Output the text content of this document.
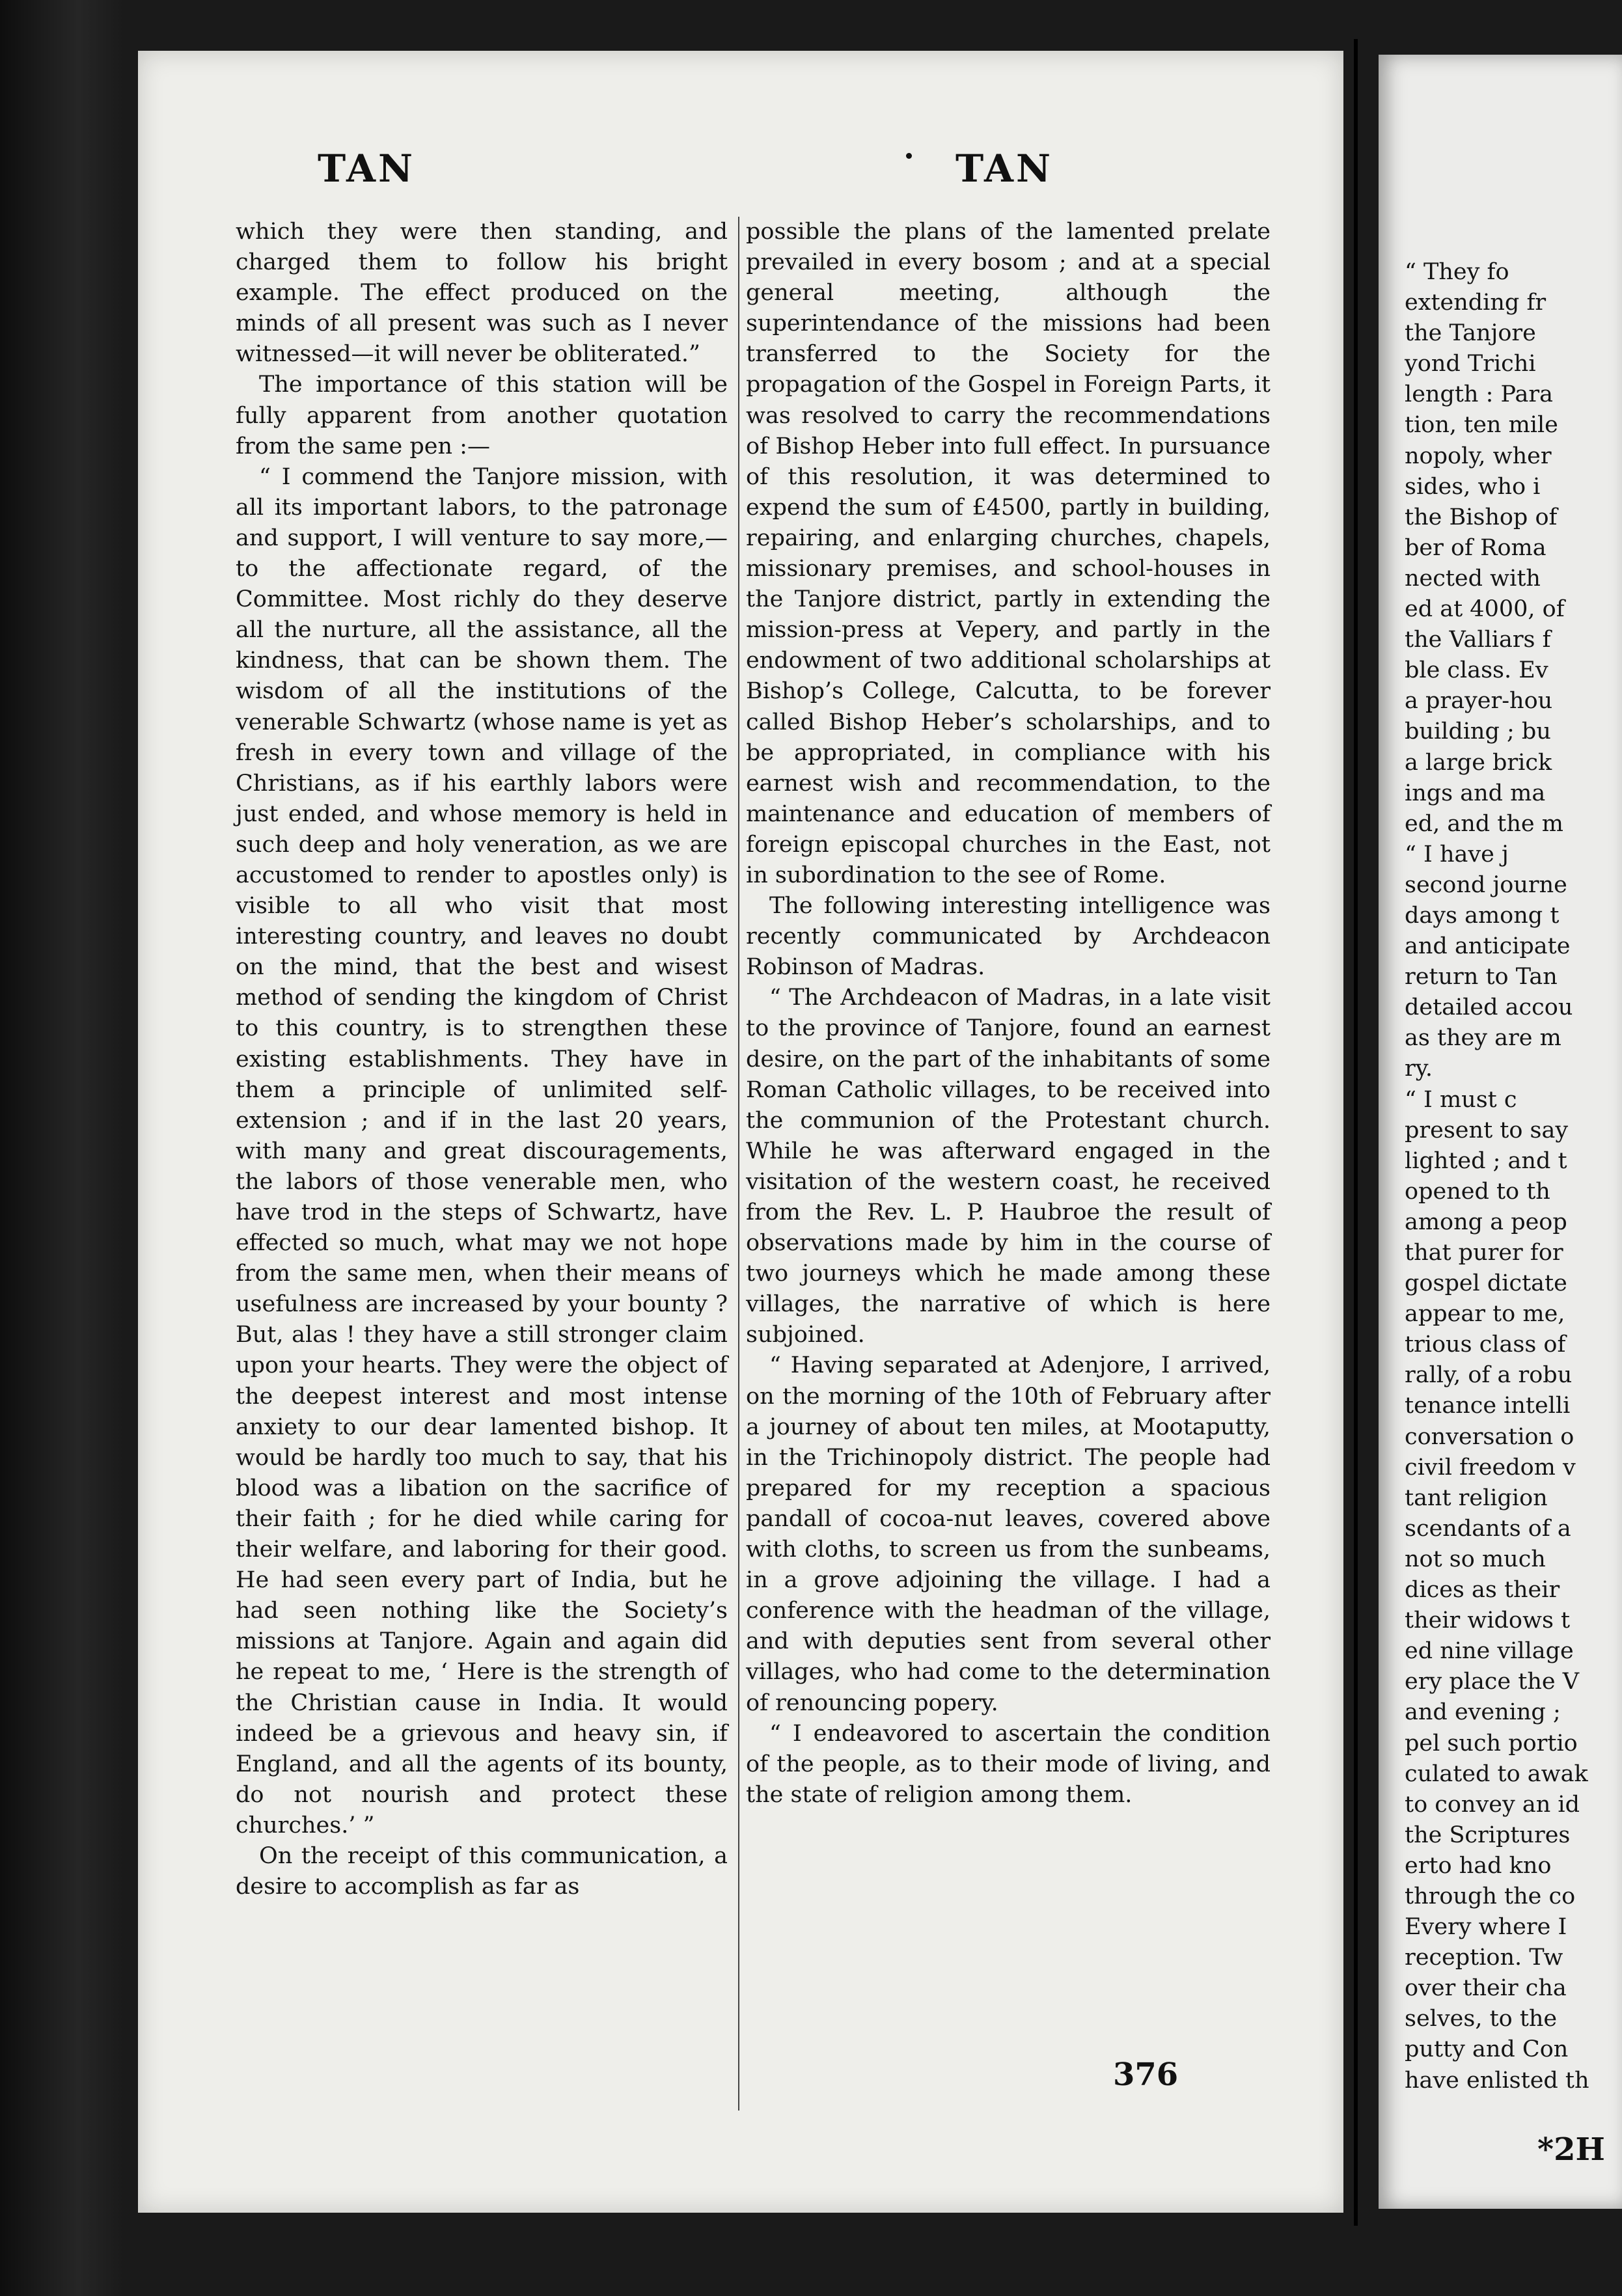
TAN	TAN

which they were then standing, and charged them to follow his bright example. The effect produced on the minds of all present was such as I never witnessed—it will never be obliterated.”

The importance of this station will be fully apparent from another quotation from the same pen :—

“ I commend the Tanjore mission, with all its important labors, to the patronage and support, I will venture to say more,—to the affectionate regard, of the Committee. Most richly do they deserve all the nurture, all the assistance, all the kindness, that can be shown them. The wisdom of all the institutions of the venerable Schwartz (whose name is yet as fresh in every town and village of the Christians, as if his earthly labors were just ended, and whose memory is held in such deep and holy veneration, as we are accustomed to render to apostles only) is visible to all who visit that most interesting country, and leaves no doubt on the mind, that the best and wisest method of sending the kingdom of Christ to this country, is to strengthen these existing establishments. They have in them a principle of unlimited self-extension ; and if in the last 20 years, with many and great discouragements, the labors of those venerable men, who have trod in the steps of Schwartz, have effected so much, what may we not hope from the same men, when their means of usefulness are increased by your bounty ? But, alas ! they have a still stronger claim upon your hearts. They were the object of the deepest interest and most intense anxiety to our dear lamented bishop. It would be hardly too much to say, that his blood was a libation on the sacrifice of their faith ; for he died while caring for their welfare, and laboring for their good. He had seen every part of India, but he had seen nothing like the Society’s missions at Tanjore. Again and again did he repeat to me, ‘ Here is the strength of the Christian cause in India. It would indeed be a grievous and heavy sin, if England, and all the agents of its bounty, do not nourish and protect these churches.’ ”

On the receipt of this communication, a desire to accomplish as far as

possible the plans of the lamented prelate prevailed in every bosom ; and at a special general meeting, although the superintendance of the missions had been transferred to the Society for the propagation of the Gospel in Foreign Parts, it was resolved to carry the recommendations of Bishop Heber into full effect. In pursuance of this resolution, it was determined to expend the sum of £4500, partly in building, repairing, and enlarging churches, chapels, missionary premises, and school-houses in the Tanjore district, partly in extending the mission-press at Vepery, and partly in the endowment of two additional scholarships at Bishop’s College, Calcutta, to be forever called Bishop Heber’s scholarships, and to be appropriated, in compliance with his earnest wish and recommendation, to the maintenance and education of members of foreign episcopal churches in the East, not in subordination to the see of Rome.

The following interesting intelligence was recently communicated by Archdeacon Robinson of Madras.

“ The Archdeacon of Madras, in a late visit to the province of Tanjore, found an earnest desire, on the part of the inhabitants of some Roman Catholic villages, to be received into the communion of the Protestant church. While he was afterward engaged in the visitation of the western coast, he received from the Rev. L. P. Haubroe the result of observations made by him in the course of two journeys which he made among these villages, the narrative of which is here subjoined.

“ Having separated at Adenjore, I arrived, on the morning of the 10th of February after a journey of about ten miles, at Mootaputty, in the Trichinopoly district. The people had prepared for my reception a spacious pandall of cocoa-nut leaves, covered above with cloths, to screen us from the sunbeams, in a grove adjoining the village. I had a conference with the headman of the village, and with deputies sent from several other villages, who had come to the determination of renouncing popery.

“ I endeavored to ascertain the condition of the people, as to their mode of living, and the state of religion among them.

376
“ They fo
extending fr
the Tanjore
yond Trichi
length : Para
tion, ten mile
nopoly, wher
sides, who i
the Bishop of
ber of Roma
nected with
ed at 4000, of
the Valliars f
ble class. Ev
a prayer-hou
building ; bu
a large brick
ings and ma
ed, and the m
“ I have j
second journe
days among t
and anticipate
return to Tan
detailed accou
as they are m
ry.
“ I must c
present to say
lighted ; and t
opened to th
among a peop
that purer for
gospel dictate
appear to me,
trious class of
rally, of a robu
tenance intelli
conversation o
civil freedom v
tant religion
scendants of a
not so much
dices as their
their widows t
ed nine village
ery place the V
and evening ;
pel such portio
culated to awak
to convey an id
the Scriptures
erto had kno
through the co
Every where I
reception. Tw
over their cha
selves, to the
putty and Con
have enlisted th
*2H
